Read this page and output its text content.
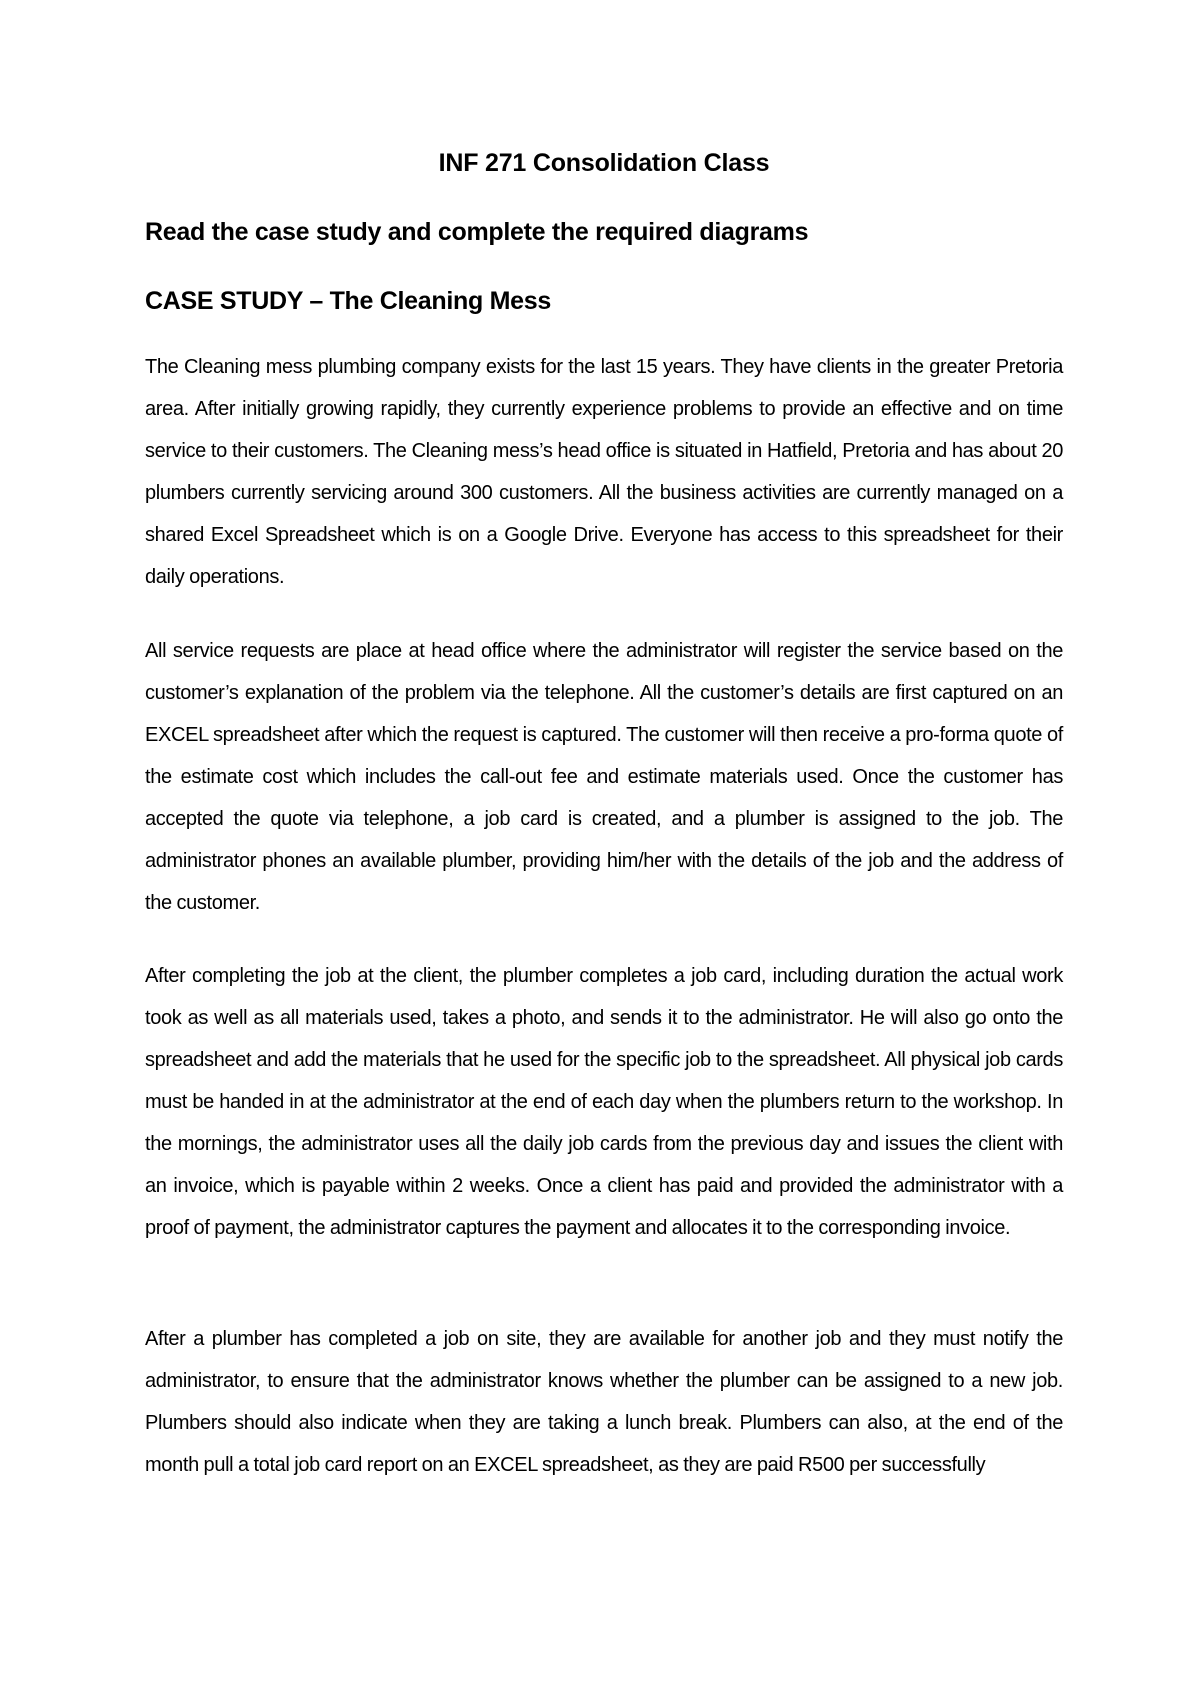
INF 271 Consolidation Class
Read the case study and complete the required diagrams
CASE STUDY – The Cleaning Mess

The Cleaning mess plumbing company exists for the last 15 years. They have clients in the greater Pretoria area. After initially growing rapidly, they currently experience problems to provide an effective and on time service to their customers. The Cleaning mess’s head office is situated in Hatfield, Pretoria and has about 20 plumbers currently servicing around 300 customers. All the business activities are currently managed on a shared Excel Spreadsheet which is on a Google Drive. Everyone has access to this spreadsheet for their daily operations.

All service requests are place at head office where the administrator will register the service based on the customer’s explanation of the problem via the telephone. All the customer’s details are first captured on an EXCEL spreadsheet after which the request is captured. The customer will then receive a pro-forma quote of the estimate cost which includes the call-out fee and estimate materials used. Once the customer has accepted the quote via telephone, a job card is created, and a plumber is assigned to the job. The administrator phones an available plumber, providing him/her with the details of the job and the address of the customer.

After completing the job at the client, the plumber completes a job card, including duration the actual work took as well as all materials used, takes a photo, and sends it to the administrator. He will also go onto the spreadsheet and add the materials that he used for the specific job to the spreadsheet. All physical job cards must be handed in at the administrator at the end of each day when the plumbers return to the workshop. In the mornings, the administrator uses all the daily job cards from the previous day and issues the client with an invoice, which is payable within 2 weeks. Once a client has paid and provided the administrator with a proof of payment, the administrator captures the payment and allocates it to the corresponding invoice.

After a plumber has completed a job on site, they are available for another job and they must notify the administrator, to ensure that the administrator knows whether the plumber can be assigned to a new job. Plumbers should also indicate when they are taking a lunch break. Plumbers can also, at the end of the month pull a total job card report on an EXCEL spreadsheet, as they are paid R500 per successfully
